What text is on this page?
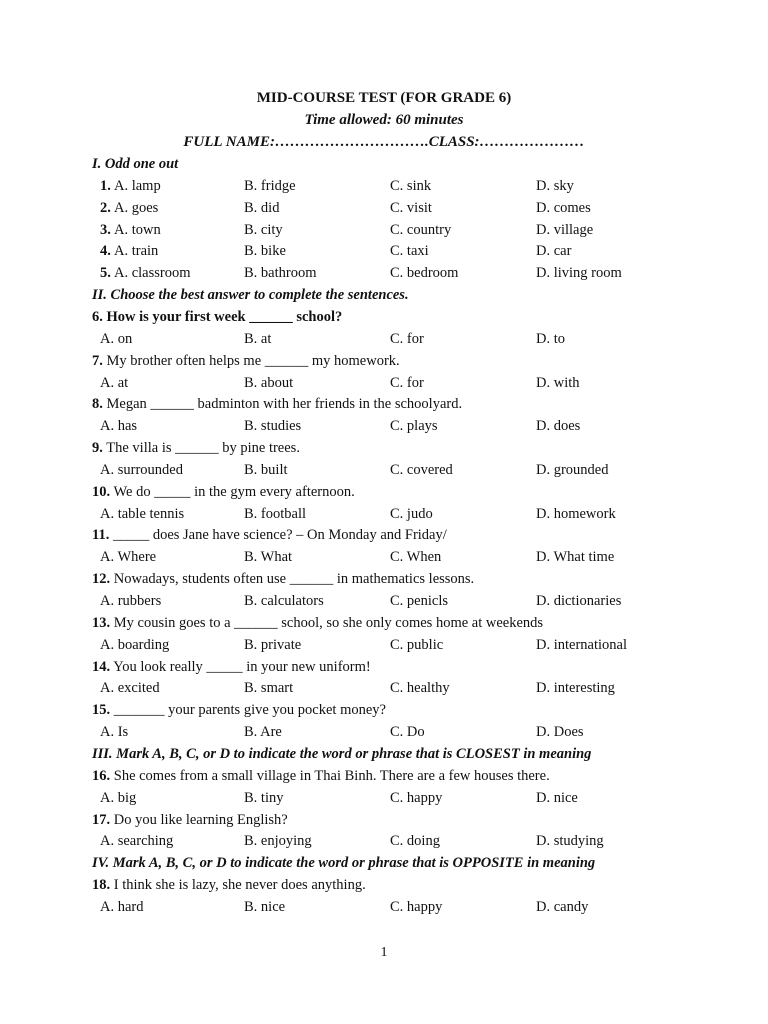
MID-COURSE TEST (FOR GRADE 6)
Time allowed: 60 minutes
FULL NAME:………………………….CLASS:…………………
I. Odd one out
1. A. lamp	B. fridge	C. sink	D. sky
2. A. goes	B. did	C. visit	D. comes
3. A. town	B. city	C. country	D. village
4. A. train	B. bike	C. taxi	D. car
5. A. classroom	B. bathroom	C. bedroom	D. living room
II. Choose the best answer to complete the sentences.
6. How is your first week ______ school?
A. on	B. at	C. for	D. to
7. My brother often helps me ______ my homework.
A. at	B. about	C. for	D. with
8. Megan ______ badminton with her friends in the schoolyard.
A. has	B. studies	C. plays	D. does
9. The villa is ______ by pine trees.
A. surrounded	B. built	C. covered	D. grounded
10. We do _____ in the gym every afternoon.
A. table tennis	B. football	C. judo	D. homework
11. _____ does Jane have science? – On Monday and Friday/
A. Where	B. What	C. When	D. What time
12. Nowadays, students often use ______ in mathematics lessons.
A. rubbers	B. calculators	C. penicls	D. dictionaries
13. My cousin goes to a ______ school, so she only comes home at weekends
A. boarding	B. private	C. public	D. international
14. You look really _____ in your new uniform!
A. excited	B. smart	C. healthy	D. interesting
15. _______ your parents give you pocket money?
A. Is	B. Are	C. Do	D. Does
III. Mark A, B, C, or D to indicate the word or phrase that is CLOSEST in meaning
16. She comes from a small village in Thai Binh. There are a few houses there.
A. big	B. tiny	C. happy	D. nice
17. Do you like learning English?
A. searching	B. enjoying	C. doing	D. studying
IV. Mark A, B, C, or D to indicate the word or phrase that is OPPOSITE in meaning
18. I think she is lazy, she never does anything.
A. hard	B. nice	C. happy	D. candy
1
